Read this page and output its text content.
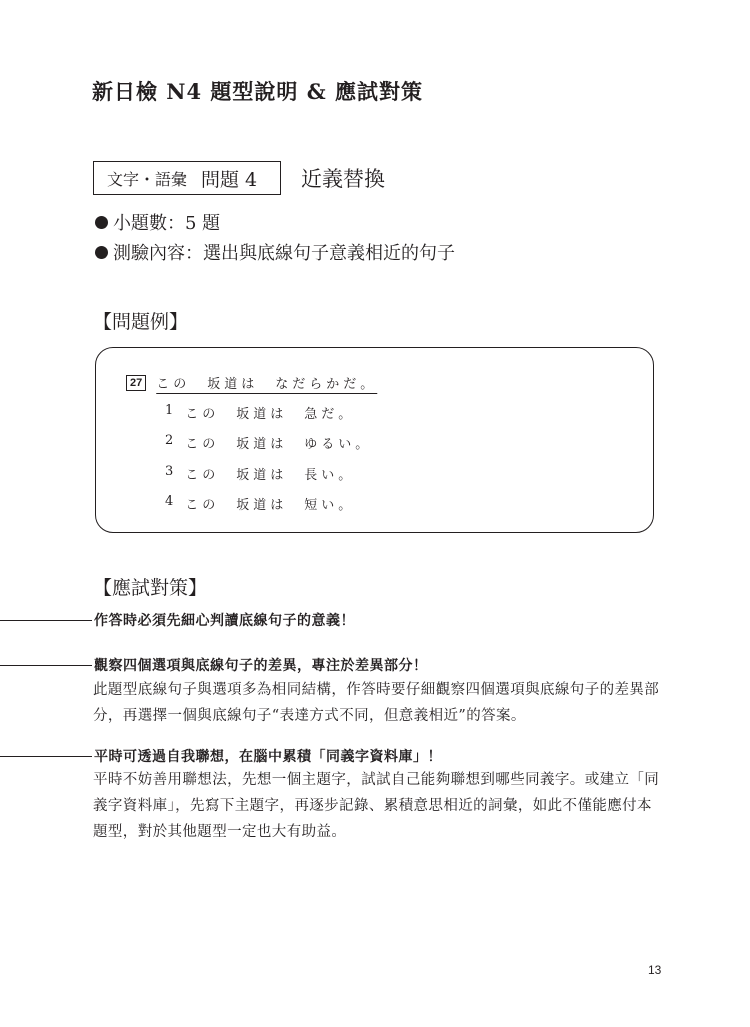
新日檢 N4 題型說明 & 應試對策
文字・語彙 問題 4 近義替換
小題數：5 題
測驗內容：選出與底線句子意義相近的句子
【問題例】
27	この　坂道は　なだらかだ。
1 この　坂道は　急だ。
2 この　坂道は　ゆるい。
3 この　坂道は　長い。
4 この　坂道は　短い。
【應試對策】
作答時必須先細心判讀底線句子的意義！
觀察四個選項與底線句子的差異，專注於差異部分！
此題型底線句子與選項多為相同結構，作答時要仔細觀察四個選項與底線句子的差異部分，再選擇一個與底線句子“表達方式不同，但意義相近”的答案。
平時可透過自我聯想，在腦中累積「同義字資料庫」！
平時不妨善用聯想法，先想一個主題字，試試自己能夠聯想到哪些同義字。或建立「同義字資料庫」，先寫下主題字，再逐步記錄、累積意思相近的詞彙，如此不僅能應付本題型，對於其他題型一定也大有助益。
13
